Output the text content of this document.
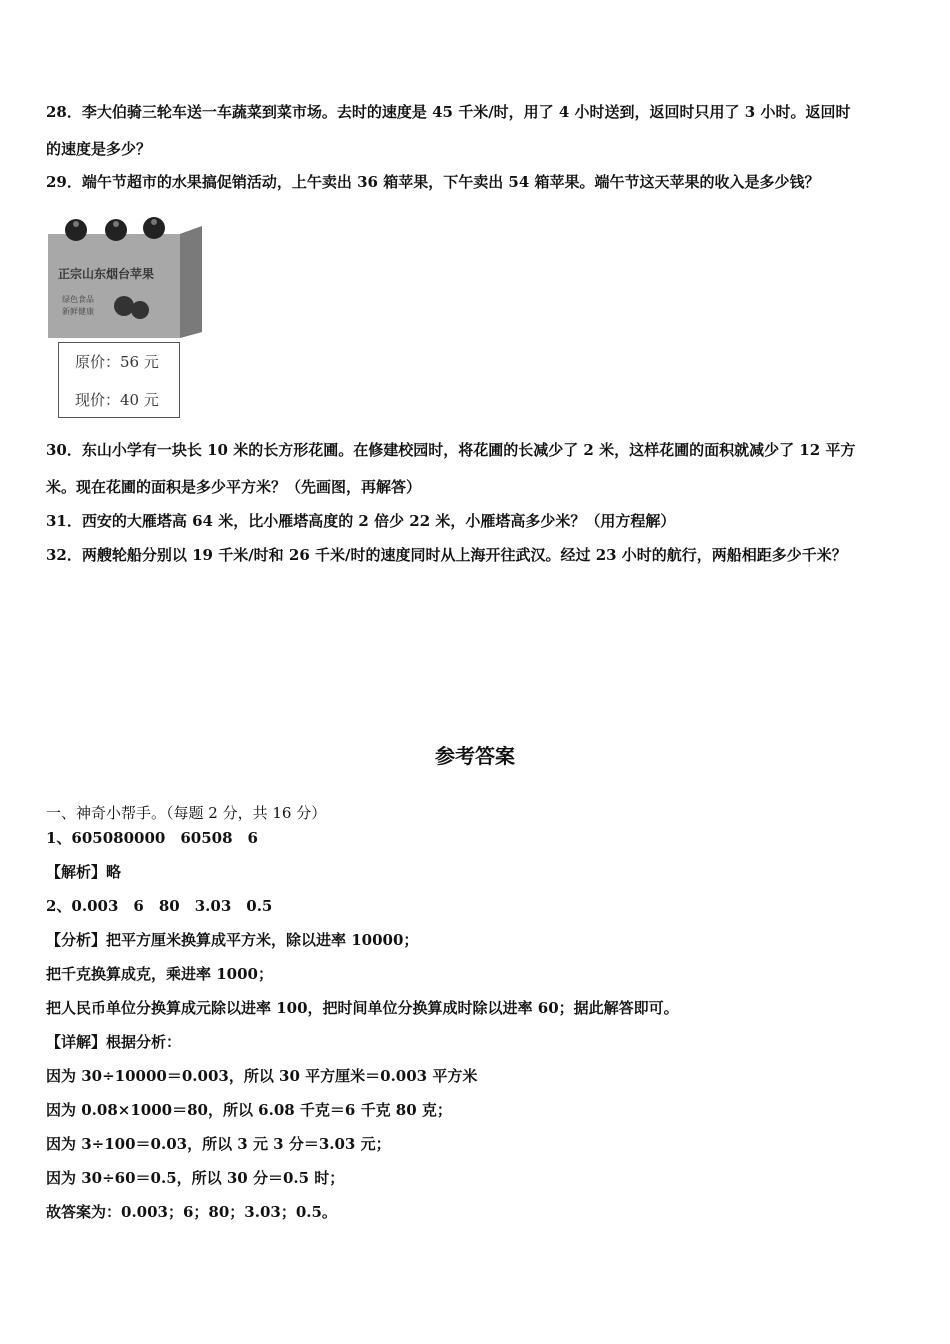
28．李大伯骑三轮车送一车蔬菜到菜市场。去时的速度是 45 千米/时，用了 4 小时送到，返回时只用了 3 小时。返回时
的速度是多少？
29．端午节超市的水果搞促销活动，上午卖出 36 箱苹果，下午卖出 54 箱苹果。端午节这天苹果的收入是多少钱？
正宗山东烟台苹果
绿色食品
新鲜健康
原价：56 元
现价：40 元
30．东山小学有一块长 10 米的长方形花圃。在修建校园时，将花圃的长减少了 2 米，这样花圃的面积就减少了 12 平方
米。现在花圃的面积是多少平方米？（先画图，再解答）
31．西安的大雁塔高 64 米，比小雁塔高度的 2 倍少 22 米，小雁塔高多少米？（用方程解）
32．两艘轮船分别以 19 千米/时和 26 千米/时的速度同时从上海开往武汉。经过 23 小时的航行，两船相距多少千米？
参考答案
一、神奇小帮手。（每题 2 分，共 16 分）
1、605080000　60508　6
【解析】略
2、0.003　6　80　3.03　0.5
【分析】把平方厘米换算成平方米，除以进率 10000；
把千克换算成克，乘进率 1000；
把人民币单位分换算成元除以进率 100，把时间单位分换算成时除以进率 60；据此解答即可。
【详解】根据分析：
因为 30÷10000＝0.003，所以 30 平方厘米＝0.003 平方米
因为 0.08×1000＝80，所以 6.08 千克＝6 千克 80 克；
因为 3÷100＝0.03，所以 3 元 3 分＝3.03 元；
因为 30÷60＝0.5，所以 30 分＝0.5 时；
故答案为：0.003；6；80；3.03；0.5。
